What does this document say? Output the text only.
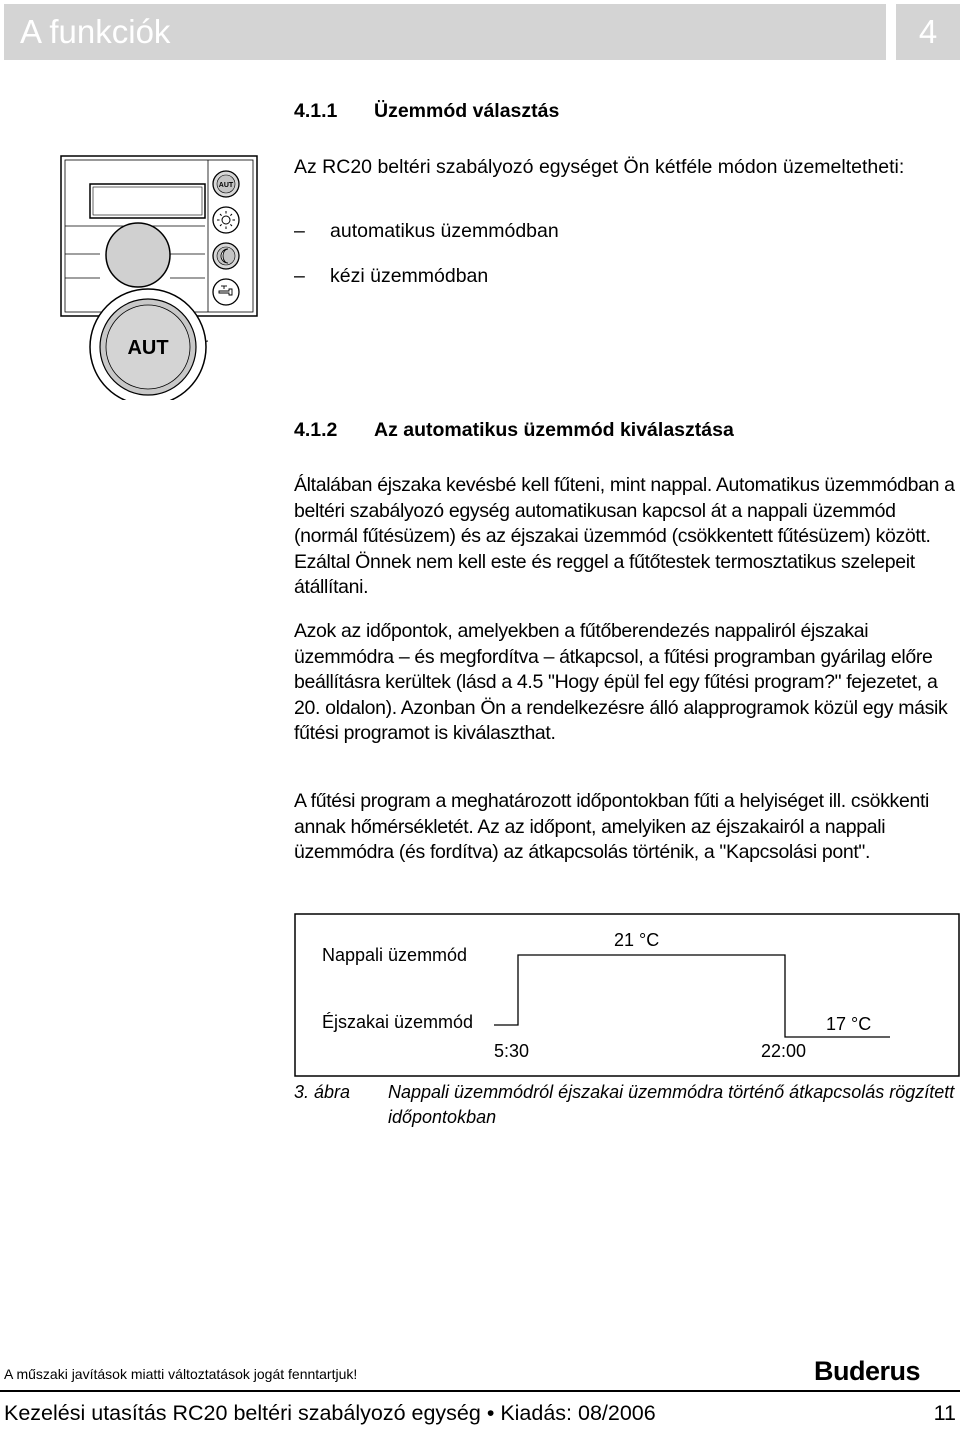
A funkciók	4
AUT
AUT
4.1.1 Üzemmód választás
Az RC20 beltéri szabályozó egységet Ön kétféle módon üzemeltetheti:
– automatikus üzemmódban
– kézi üzemmódban
4.1.2 Az automatikus üzemmód kiválasztása
Általában éjszaka kevésbé kell fűteni, mint nappal. Automatikus üzemmódban a beltéri szabályozó egység automatikusan kapcsol át a nappali üzemmód (normál fűtésüzem) és az éjszakai üzemmód (csökkentett fűtésüzem) között. Ezáltal Önnek nem kell este és reggel a fűtőtestek termosztatikus szelepeit átállítani.
Azok az időpontok, amelyekben a fűtőberendezés nappaliról éjszakai üzemmódra – és megfordítva – átkapcsol, a fűtési programban gyárilag előre beállításra kerültek (lásd a 4.5 "Hogy épül fel egy fűtési program?" fejezetet, a 20. oldalon). Azonban Ön a rendelkezésre álló alapprogramok közül egy másik fűtési programot is kiválaszthat.
A fűtési program a meghatározott időpontokban fűti a helyiséget ill. csökkenti annak hőmérsékletét. Az az időpont, amelyiken az éjszakairól a nappali üzemmódra (és fordítva) az átkapcsolás történik, a "Kapcsolási pont".
Nappali üzemmód
Éjszakai üzemmód
21 °C
17 °C
5:30	22:00
3. ábra Nappali üzemmódról éjszakai üzemmódra történő átkapcsolás rögzített időpontokban
A műszaki javítások miatti változtatások jogát fenntartjuk!	Buderus
Kezelési utasítás RC20 beltéri szabályozó egység • Kiadás: 08/2006	11
